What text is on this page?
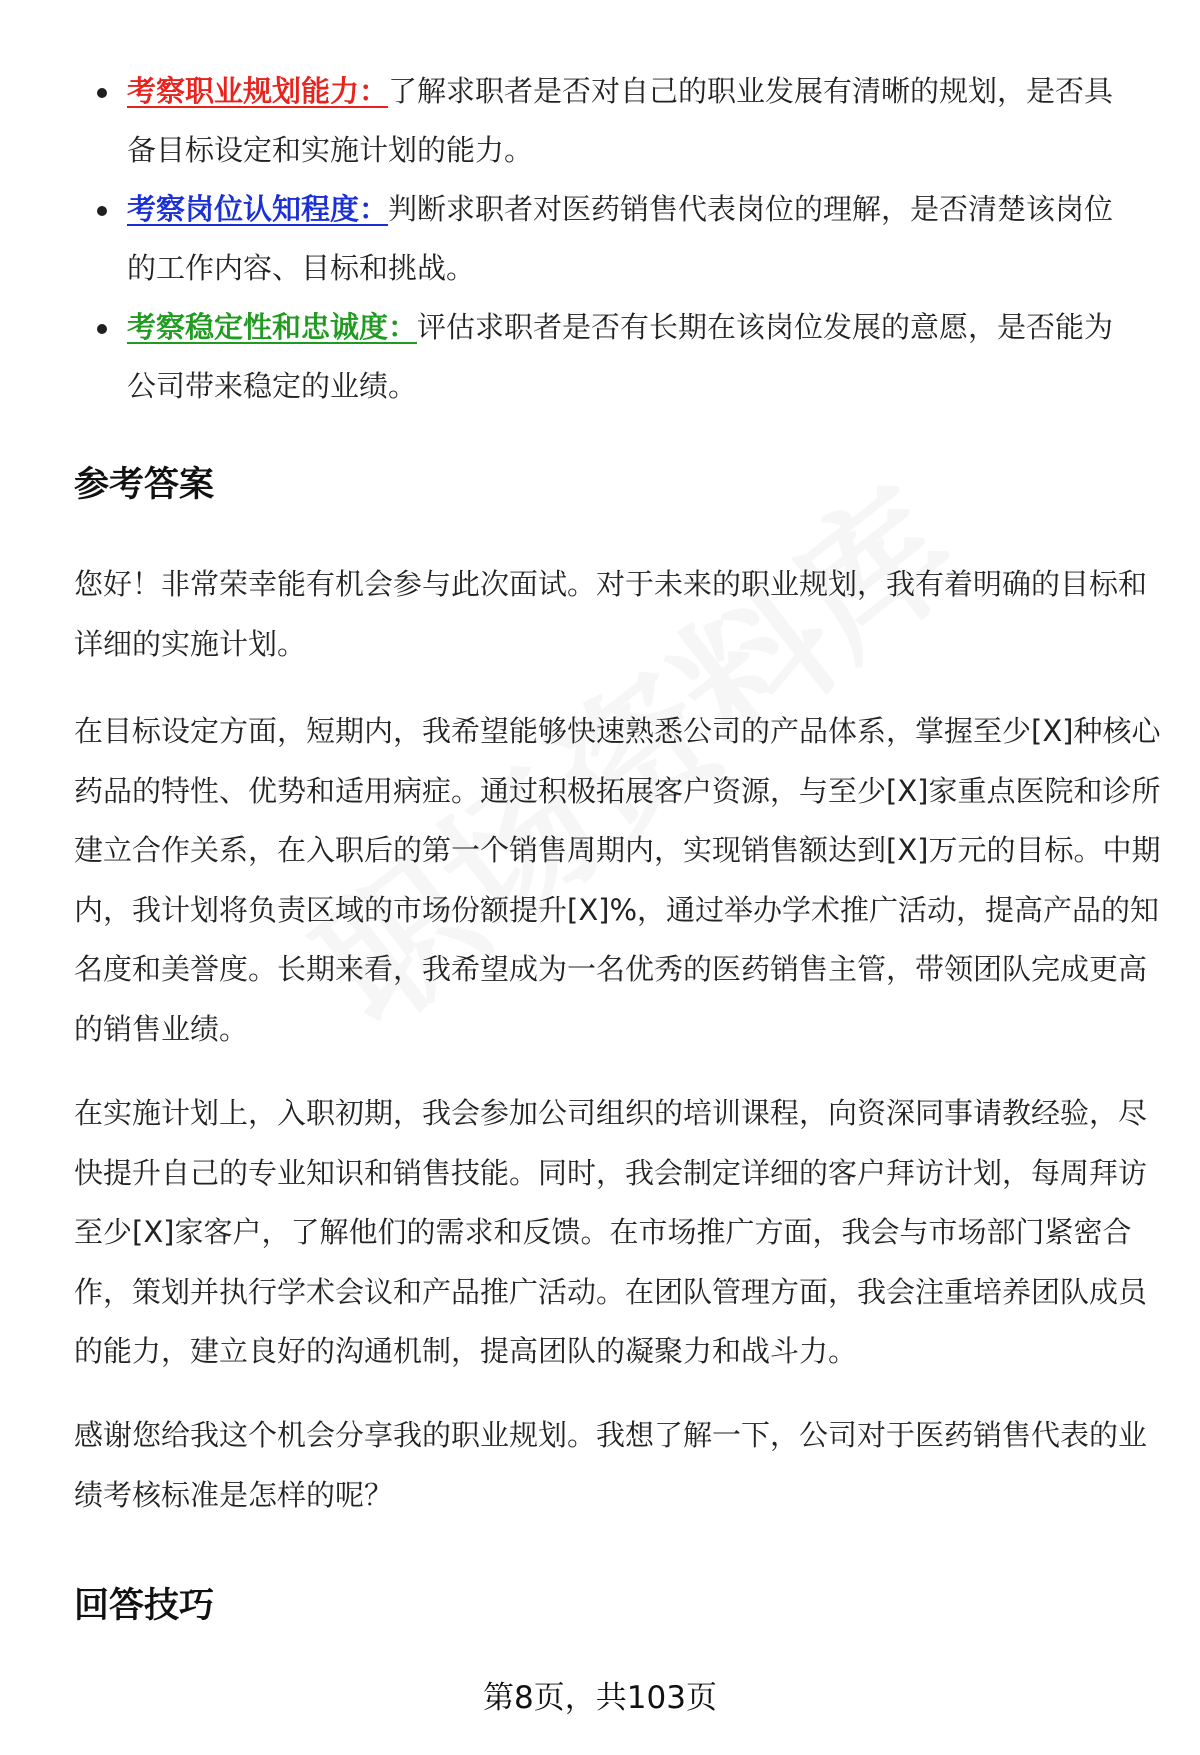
考察职业规划能力：了解求职者是否对自己的职业发展有清晰的规划，是否具备目标设定和实施计划的能力。
考察岗位认知程度：判断求职者对医药销售代表岗位的理解，是否清楚该岗位的工作内容、目标和挑战。
考察稳定性和忠诚度：评估求职者是否有长期在该岗位发展的意愿，是否能为公司带来稳定的业绩。
参考答案

您好！非常荣幸能有机会参与此次面试。对于未来的职业规划，我有着明确的目标和详细的实施计划。

在目标设定方面，短期内，我希望能够快速熟悉公司的产品体系，掌握至少[X]种核心药品的特性、优势和适用病症。通过积极拓展客户资源，与至少[X]家重点医院和诊所建立合作关系，在入职后的第一个销售周期内，实现销售额达到[X]万元的目标。中期内，我计划将负责区域的市场份额提升[X]%，通过举办学术推广活动，提高产品的知名度和美誉度。长期来看，我希望成为一名优秀的医药销售主管，带领团队完成更高的销售业绩。

在实施计划上，入职初期，我会参加公司组织的培训课程，向资深同事请教经验，尽快提升自己的专业知识和销售技能。同时，我会制定详细的客户拜访计划，每周拜访至少[X]家客户，了解他们的需求和反馈。在市场推广方面，我会与市场部门紧密合作，策划并执行学术会议和产品推广活动。在团队管理方面，我会注重培养团队成员的能力，建立良好的沟通机制，提高团队的凝聚力和战斗力。

感谢您给我这个机会分享我的职业规划。我想了解一下，公司对于医药销售代表的业绩考核标准是怎样的呢？

回答技巧
第8页，共103页
